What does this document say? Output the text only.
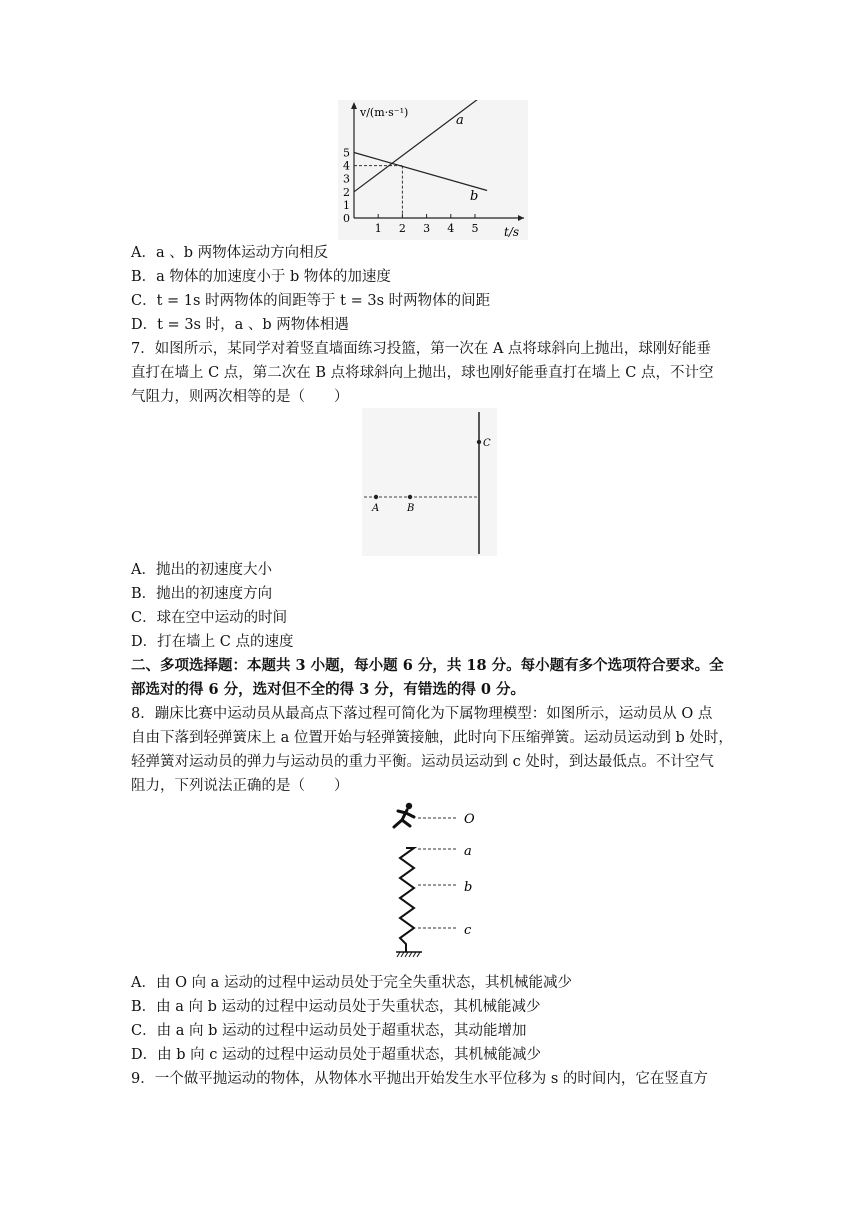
v/(m·s⁻¹)
t/s
0
1
2
3
4
5
1 2 3 4 5
a
b
A．a 、b 两物体运动方向相反
B．a 物体的加速度小于 b 物体的加速度
C．t = 1s 时两物体的间距等于 t = 3s 时两物体的间距
D．t = 3s 时，a 、b 两物体相遇
7．如图所示，某同学对着竖直墙面练习投篮，第一次在 A 点将球斜向上抛出，球刚好能垂
直打在墙上 C 点，第二次在 B 点将球斜向上抛出，球也刚好能垂直打在墙上 C 点，不计空
气阻力，则两次相等的是（　　）
A	B
C
A．抛出的初速度大小
B．抛出的初速度方向
C．球在空中运动的时间
D．打在墙上 C 点的速度
二、多项选择题：本题共 3 小题，每小题 6 分，共 18 分。每小题有多个选项符合要求。全
部选对的得 6 分，选对但不全的得 3 分，有错选的得 0 分。
8．蹦床比赛中运动员从最高点下落过程可简化为下属物理模型：如图所示，运动员从 O 点
自由下落到轻弹簧床上 a 位置开始与轻弹簧接触，此时向下压缩弹簧。运动员运动到 b 处时，
轻弹簧对运动员的弹力与运动员的重力平衡。运动员运动到 c 处时，到达最低点。不计空气
阻力，下列说法正确的是（　　）
O
a
b
c
A．由 O 向 a 运动的过程中运动员处于完全失重状态，其机械能减少
B．由 a 向 b 运动的过程中运动员处于失重状态，其机械能减少
C．由 a 向 b 运动的过程中运动员处于超重状态，其动能增加
D．由 b 向 c 运动的过程中运动员处于超重状态，其机械能减少
9．一个做平抛运动的物体，从物体水平抛出开始发生水平位移为 s 的时间内，它在竖直方
